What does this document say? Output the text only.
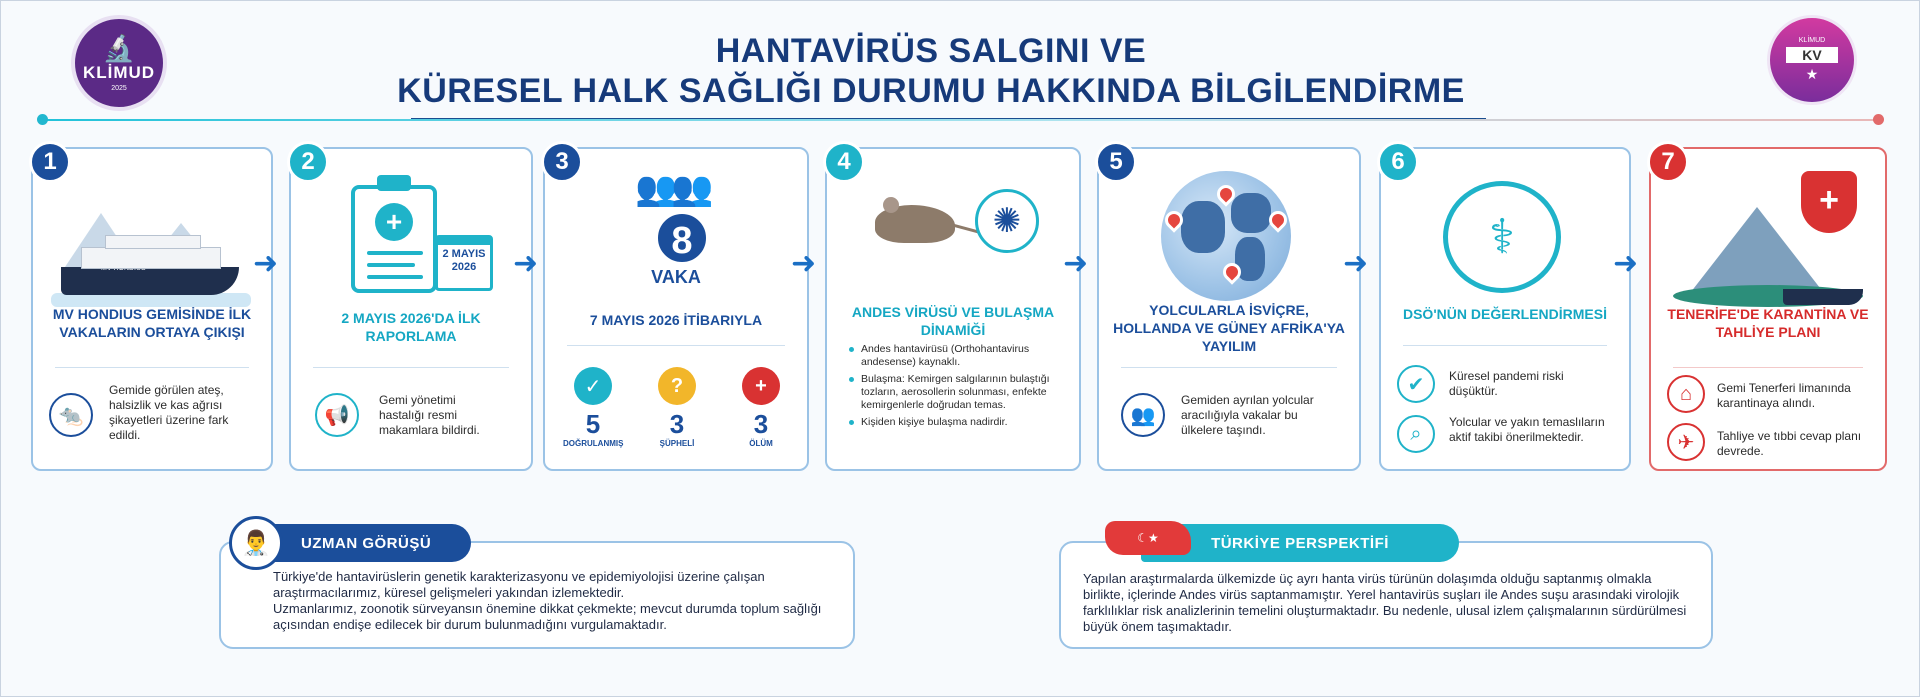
🔬
KLİMUD
2025
KLİMUD
KV
★
HANTAVİRÜS SALGINI VE
KÜRESEL HALK SAĞLIĞI DURUMU HAKKINDA BİLGİLENDİRME
1
MV HONDIUS GEMİSİNDE İLK VAKALARIN ORTAYA ÇIKIŞI
🐀
Gemide görülen ateş, halsizlik ve kas ağrısı şikayetleri üzerine fark edildi.
➜
2
+
2 MAYIS 2026
2 MAYIS 2026'DA İLK RAPORLAMA
📢
Gemi yönetimi hastalığı resmi makamlara bildirdi.
➜
3
👥👥
8
VAKA
7 MAYIS 2026 İTİBARIYLA
✓
5
DOĞRULANMIŞ
?
3
ŞÜPHELİ
+
3
ÖLÜM
➜
4
✺
ANDES VİRÜSÜ VE BULAŞMA DİNAMİĞİ
Andes hantavirüsü (Orthohantavirus andesense) kaynaklı.
Bulaşma: Kemirgen salgılarının bulaştığı tozların, aerosollerin solunması, enfekte kemirgenlerle doğrudan temas.
Kişiden kişiye bulaşma nadirdir.
➜
5
YOLCULARLA İSVİÇRE, HOLLANDA VE GÜNEY AFRİKA'YA YAYILIM
👥
Gemiden ayrılan yolcular aracılığıyla vakalar bu ülkelere taşındı.
➜
6
⚕
DSÖ'NÜN DEĞERLENDİRMESİ
✔	Küresel pandemi riski düşüktür.
⌕
Yolcular ve yakın temaslıların aktif takibi önerilmektedir.
➜
7
+
TENERİFE'DE KARANTİNA VE TAHLİYE PLANI
⌂	Gemi Tenerferi limanında karantinaya alındı.
✈	Tahliye ve tıbbi cevap planı devrede.
Türkiye'de hantavirüslerin genetik karakterizasyonu ve epidemiyolojisi üzerine çalışan araştırmacılarımız, küresel gelişmeleri yakından izlemektedir.
Uzmanlarımız, zoonotik sürveyansın önemine dikkat çekmekte; mevcut durumda toplum sağlığı açısından endişe edilecek bir durum bulunmadığını vurgulamaktadır.
UZMAN GÖRÜŞÜ
👨‍⚕️
Yapılan araştırmalarda ülkemizde üç ayrı hanta virüs türünün dolaşımda olduğu saptanmış olmakla birlikte, içlerinde Andes virüs saptanmamıştır. Yerel hantavirüs suşları ile Andes suşu arasındaki virolojik farklılıklar risk analizlerinin temelini oluşturmaktadır. Bu nedenle, ulusal izlem çalışmalarının sürdürülmesi büyük önem taşımaktadır.
TÜRKİYE PERSPEKTİFİ
☾★
